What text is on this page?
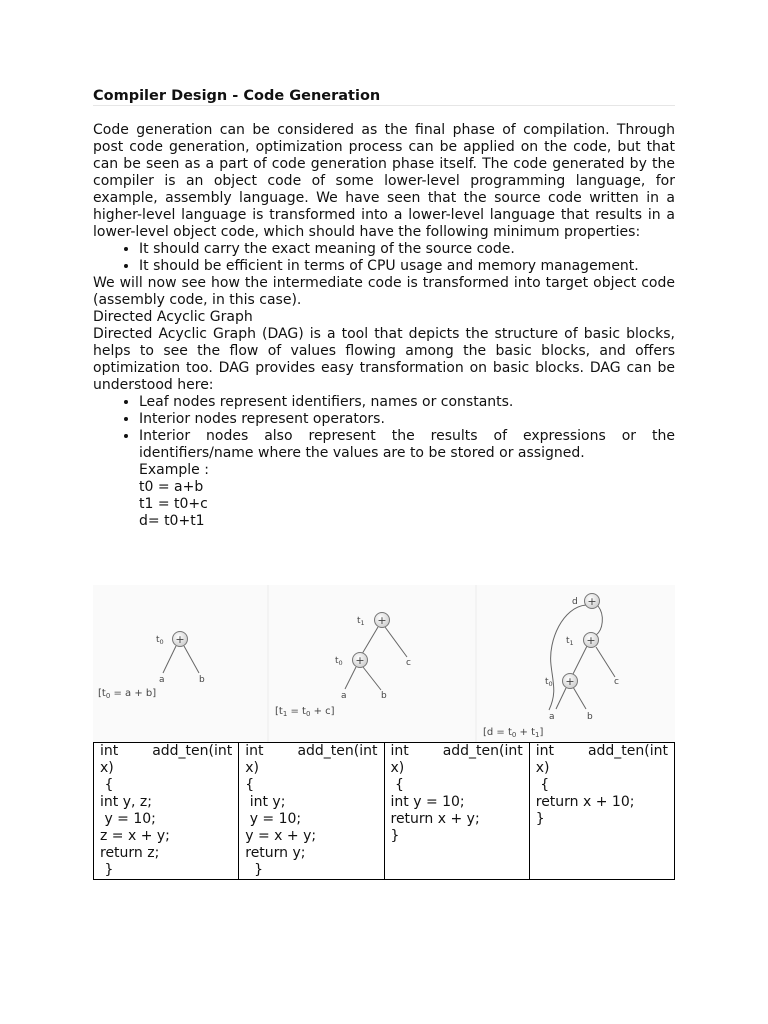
Compiler Design - Code Generation

Code generation can be considered as the final phase of compilation. Through post code generation, optimization process can be applied on the code, but that can be seen as a part of code generation phase itself. The code generated by the compiler is an object code of some lower-level programming language, for example, assembly language. We have seen that the source code written in a higher-level language is transformed into a lower-level language that results in a lower-level object code, which should have the following minimum properties:

• It should carry the exact meaning of the source code.
• It should be efficient in terms of CPU usage and memory management.

We will now see how the intermediate code is transformed into target object code (assembly code, in this case).

Directed Acyclic Graph

Directed Acyclic Graph (DAG) is a tool that depicts the structure of basic blocks, helps to see the flow of values flowing among the basic blocks, and offers optimization too. DAG provides easy transformation on basic blocks. DAG can be understood here:

• Leaf nodes represent identifiers, names or constants.
• Interior nodes represent operators.
• Interior nodes also represent the results of expressions or the identifiers/name where the values are to be stored or assigned.
Example :
t0 = a+b
t1 = t0+c
d= t0+t1
+
$t_0$
a	b
$[t_0 = a + b]$
+
+
$t_1$
$t_0$	c
a	b
$[t_1 = t_0 + c]$
+
+
+
d
$t_1$
$t_0$	c
a	b
$[d = t_0 + t_1]$
int add_ten(int
x)
{
int y, z;
y = 10;
z = x + y;
return z;
}

int add_ten(int
x)
{
int y;
y = 10;
y = x + y;
return y;
}

int add_ten(int
x)
{
int y = 10;
return x + y;
}

int add_ten(int
x)
{
return x + 10;
}
